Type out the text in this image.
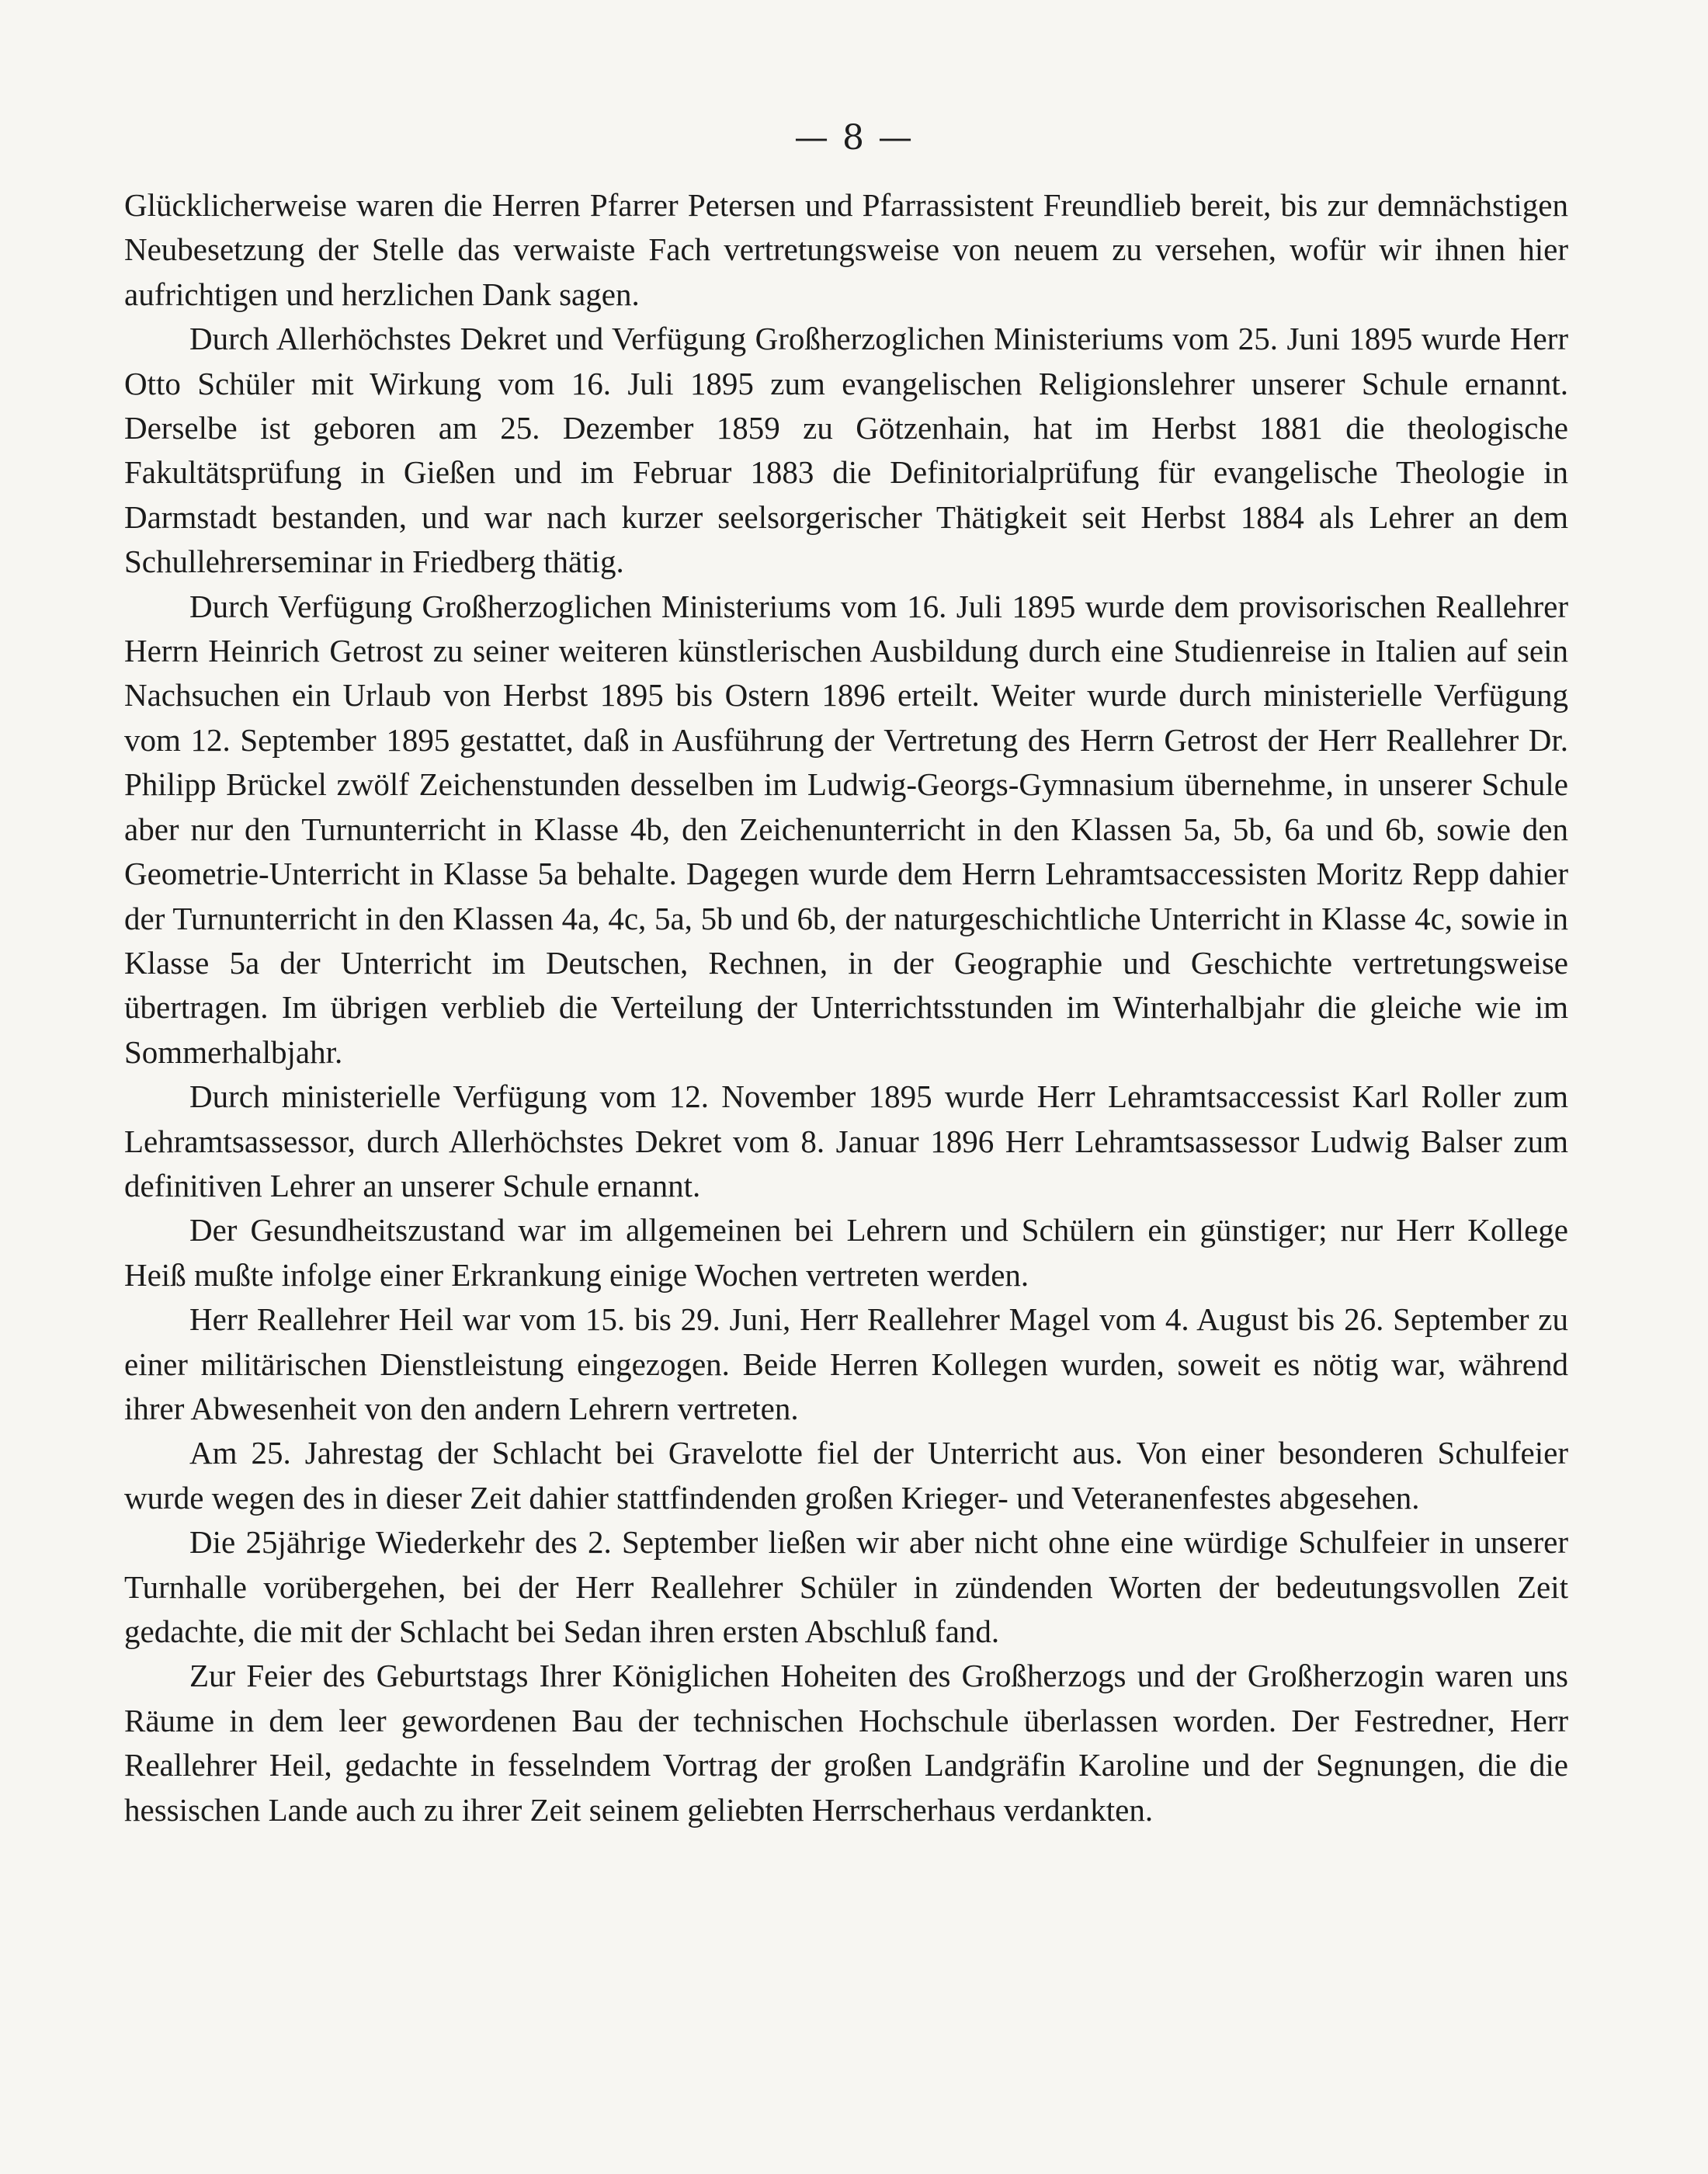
— 8 —

Glücklicherweise waren die Herren Pfarrer Petersen und Pfarrassistent Freundlieb bereit, bis zur demnächstigen Neubesetzung der Stelle das verwaiste Fach vertretungsweise von neuem zu versehen, wofür wir ihnen hier aufrichtigen und herzlichen Dank sagen.

Durch Allerhöchstes Dekret und Verfügung Großherzoglichen Ministeriums vom 25. Juni 1895 wurde Herr Otto Schüler mit Wirkung vom 16. Juli 1895 zum evangelischen Religionslehrer unserer Schule ernannt. Derselbe ist geboren am 25. Dezember 1859 zu Götzenhain, hat im Herbst 1881 die theologische Fakultätsprüfung in Gießen und im Februar 1883 die Definitorialprüfung für evangelische Theologie in Darmstadt bestanden, und war nach kurzer seelsorgerischer Thätigkeit seit Herbst 1884 als Lehrer an dem Schullehrerseminar in Friedberg thätig.

Durch Verfügung Großherzoglichen Ministeriums vom 16. Juli 1895 wurde dem provisorischen Reallehrer Herrn Heinrich Getrost zu seiner weiteren künstlerischen Ausbildung durch eine Studienreise in Italien auf sein Nachsuchen ein Urlaub von Herbst 1895 bis Ostern 1896 erteilt. Weiter wurde durch ministerielle Verfügung vom 12. September 1895 gestattet, daß in Ausführung der Vertretung des Herrn Getrost der Herr Reallehrer Dr. Philipp Brückel zwölf Zeichenstunden desselben im Ludwig-Georgs-Gymnasium übernehme, in unserer Schule aber nur den Turnunterricht in Klasse 4b, den Zeichenunterricht in den Klassen 5a, 5b, 6a und 6b, sowie den Geometrie-Unterricht in Klasse 5a behalte. Dagegen wurde dem Herrn Lehramtsaccessisten Moritz Repp dahier der Turnunterricht in den Klassen 4a, 4c, 5a, 5b und 6b, der naturgeschichtliche Unterricht in Klasse 4c, sowie in Klasse 5a der Unterricht im Deutschen, Rechnen, in der Geographie und Geschichte vertretungsweise übertragen. Im übrigen verblieb die Verteilung der Unterrichtsstunden im Winterhalbjahr die gleiche wie im Sommerhalbjahr.

Durch ministerielle Verfügung vom 12. November 1895 wurde Herr Lehramtsaccessist Karl Roller zum Lehramtsassessor, durch Allerhöchstes Dekret vom 8. Januar 1896 Herr Lehramtsassessor Ludwig Balser zum definitiven Lehrer an unserer Schule ernannt.

Der Gesundheitszustand war im allgemeinen bei Lehrern und Schülern ein günstiger; nur Herr Kollege Heiß mußte infolge einer Erkrankung einige Wochen vertreten werden.

Herr Reallehrer Heil war vom 15. bis 29. Juni, Herr Reallehrer Magel vom 4. August bis 26. September zu einer militärischen Dienstleistung eingezogen. Beide Herren Kollegen wurden, soweit es nötig war, während ihrer Abwesenheit von den andern Lehrern vertreten.

Am 25. Jahrestag der Schlacht bei Gravelotte fiel der Unterricht aus. Von einer besonderen Schulfeier wurde wegen des in dieser Zeit dahier stattfindenden großen Krieger- und Veteranenfestes abgesehen.

Die 25jährige Wiederkehr des 2. September ließen wir aber nicht ohne eine würdige Schulfeier in unserer Turnhalle vorübergehen, bei der Herr Reallehrer Schüler in zündenden Worten der bedeutungsvollen Zeit gedachte, die mit der Schlacht bei Sedan ihren ersten Abschluß fand.

Zur Feier des Geburtstags Ihrer Königlichen Hoheiten des Großherzogs und der Großherzogin waren uns Räume in dem leer gewordenen Bau der technischen Hochschule überlassen worden. Der Festredner, Herr Reallehrer Heil, gedachte in fesselndem Vortrag der großen Landgräfin Karoline und der Segnungen, die die hessischen Lande auch zu ihrer Zeit seinem geliebten Herrscherhaus verdankten.
